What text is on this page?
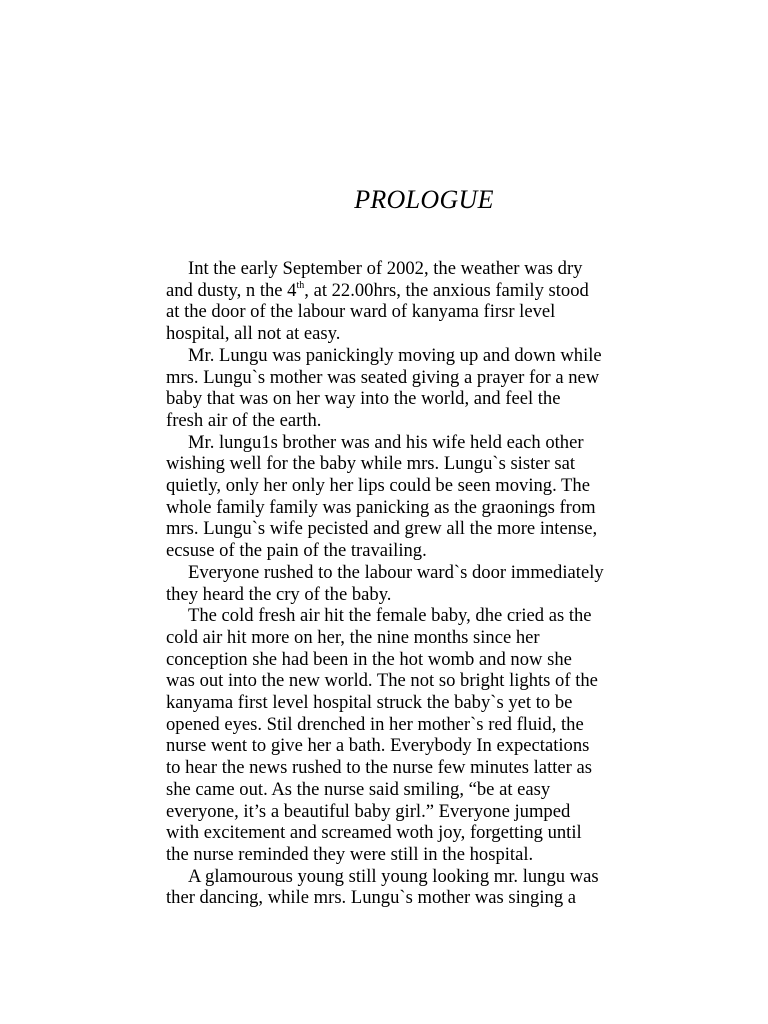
PROLOGUE

Int the early September of 2002, the weather was dry
and dusty, n the 4th, at 22.00hrs, the anxious family stood
at the door of the labour ward of kanyama firsr level
hospital, all not at easy.

Mr. Lungu was panickingly moving up and down while
mrs. Lungu`s mother was seated giving a prayer for a new
baby that was on her way into the world, and feel the
fresh air of the earth.

Mr. lungu1s brother was and his wife held each other
wishing well for the baby while mrs. Lungu`s sister sat
quietly, only her only her lips could be seen moving. The
whole family family was panicking as the graonings from
mrs. Lungu`s wife pecisted and grew all the more intense,
ecsuse of the pain of the travailing.

Everyone rushed to the labour ward`s door immediately
they heard the cry of the baby.

The cold fresh air hit the female baby, dhe cried as the
cold air hit more on her, the nine months since her
conception she had been in the hot womb and now she
was out into the new world. The not so bright lights of the
kanyama first level hospital struck the baby`s yet to be
opened eyes. Stil drenched in her mother`s red fluid, the
nurse went to give her a bath. Everybody In expectations
to hear the news rushed to the nurse few minutes latter as
she came out. As the nurse said smiling, “be at easy
everyone, it’s a beautiful baby girl.” Everyone jumped
with excitement and screamed woth joy, forgetting until
the nurse reminded they were still in the hospital.

A glamourous young still young looking mr. lungu was
ther dancing, while mrs. Lungu`s mother was singing a
